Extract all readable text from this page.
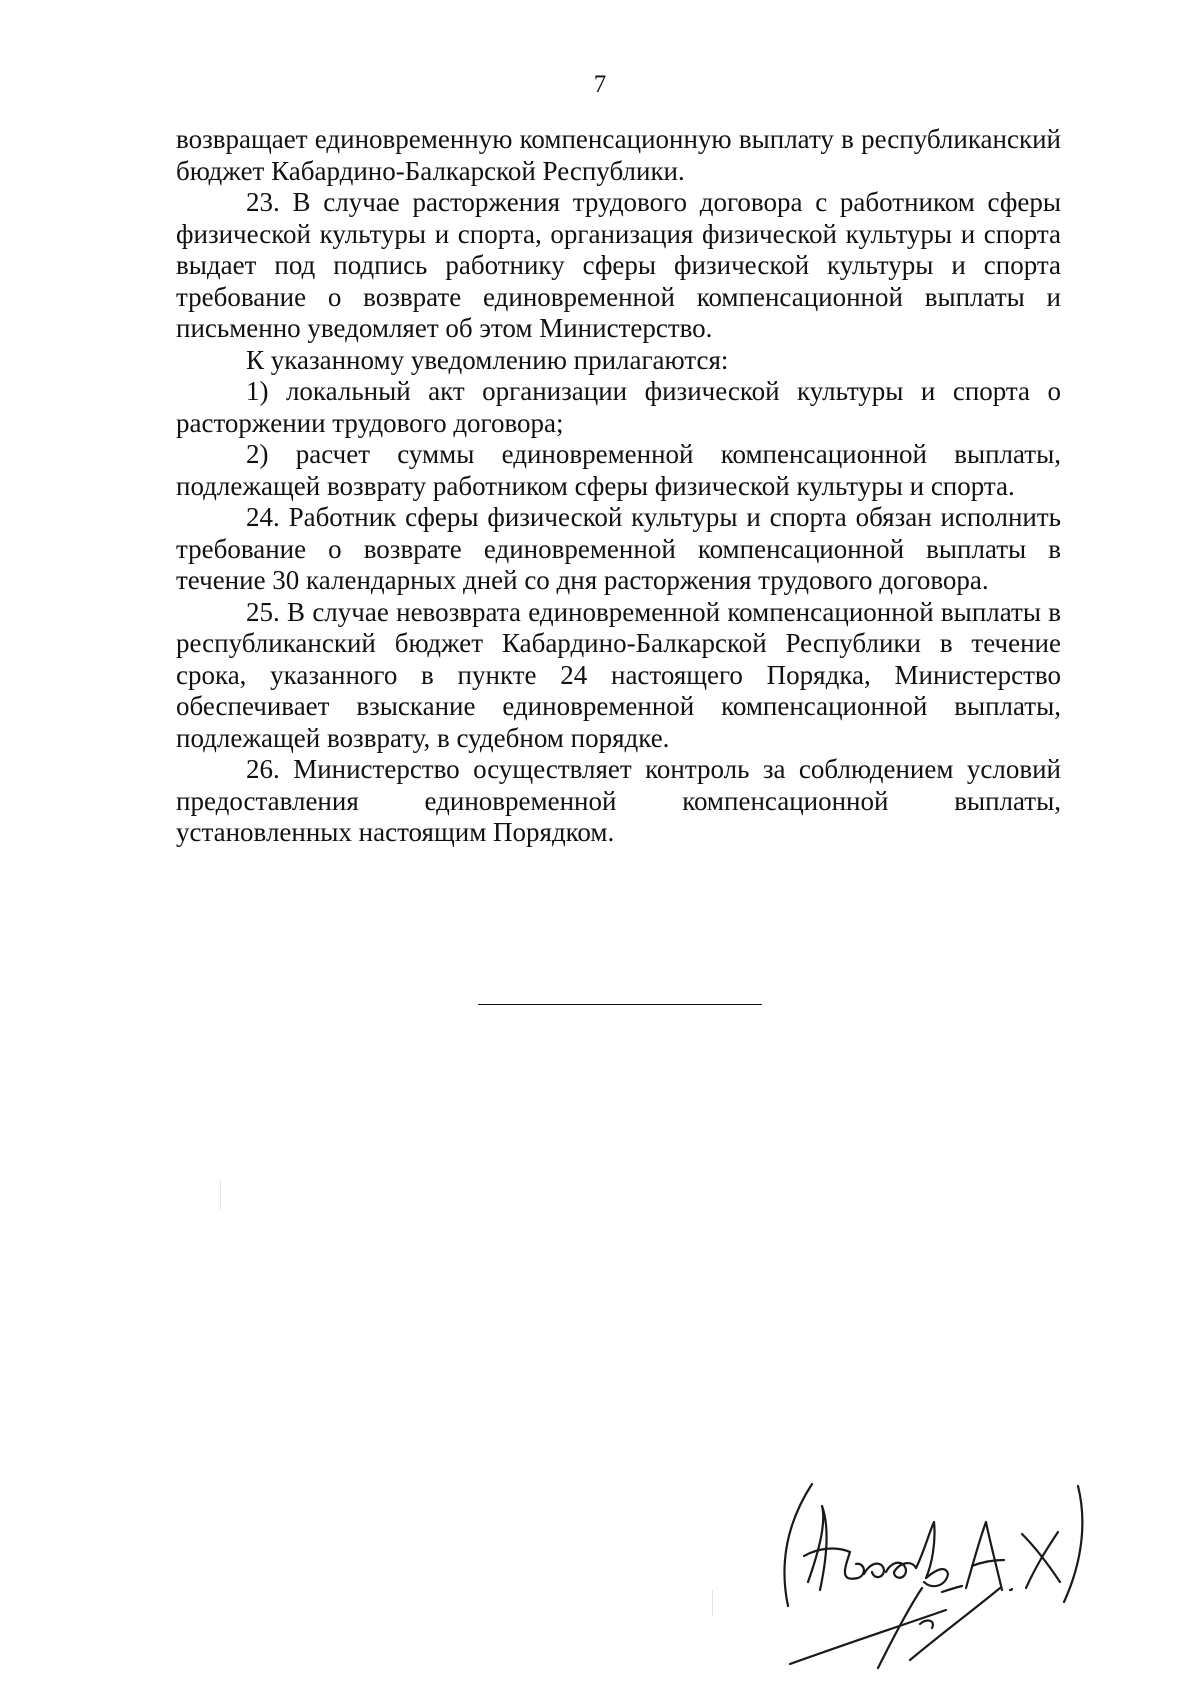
7

возвращает единовременную компенсационную выплату в республиканский бюджет Кабардино-Балкарской Республики.

23. В случае расторжения трудового договора с работником сферы физической культуры и спорта, организация физической культуры и спорта выдает под подпись работнику сферы физической культуры и спорта требование о возврате единовременной компенсационной выплаты и письменно уведомляет об этом Министерство.

К указанному уведомлению прилагаются:

1) локальный акт организации физической культуры и спорта о расторжении трудового договора;

2) расчет суммы единовременной компенсационной выплаты, подлежащей возврату работником сферы физической культуры и спорта.

24. Работник сферы физической культуры и спорта обязан исполнить требование о возврате единовременной компенсационной выплаты в течение 30 календарных дней со дня расторжения трудового договора.

25. В случае невозврата единовременной компенсационной выплаты в республиканский бюджет Кабардино-Балкарской Республики в течение срока, указанного в пункте 24 настоящего Порядка, Министерство обеспечивает взыскание единовременной компенсационной выплаты, подлежащей возврату, в судебном порядке.

26. Министерство осуществляет контроль за соблюдением условий предоставления единовременной компенсационной выплаты, установленных настоящим Порядком.
